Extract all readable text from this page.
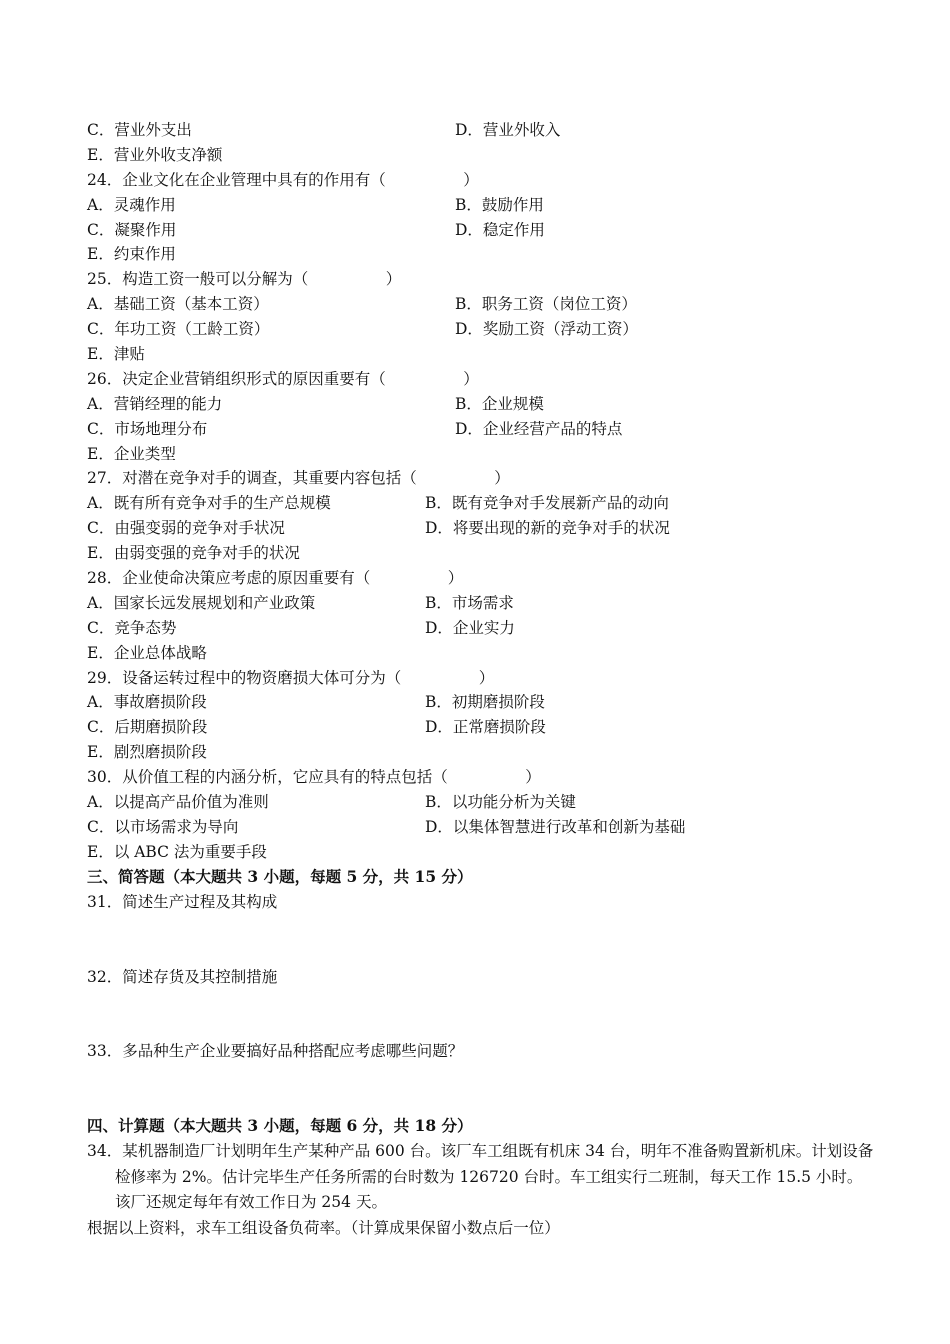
C．营业外支出	D．营业外收入
E．营业外收支净额
24．企业文化在企业管理中具有的作用有（　　　　　）
A．灵魂作用	B．鼓励作用
C．凝聚作用	D．稳定作用
E．约束作用
25．构造工资一般可以分解为（　　　　　）
A．基础工资（基本工资）	B．职务工资（岗位工资）
C．年功工资（工龄工资）	D．奖励工资（浮动工资）
E．津贴
26．决定企业营销组织形式的原因重要有（　　　　　）
A．营销经理的能力	B．企业规模
C．市场地理分布	D．企业经营产品的特点
E．企业类型
27．对潜在竞争对手的调查，其重要内容包括（　　　　　）
A．既有所有竞争对手的生产总规模	B．既有竞争对手发展新产品的动向
C．由强变弱的竞争对手状况	D．将要出现的新的竞争对手的状况
E．由弱变强的竞争对手的状况
28．企业使命决策应考虑的原因重要有（　　　　　）
A．国家长远发展规划和产业政策	B．市场需求
C．竞争态势	D．企业实力
E．企业总体战略
29．设备运转过程中的物资磨损大体可分为（　　　　　）
A．事故磨损阶段	B．初期磨损阶段
C．后期磨损阶段	D．正常磨损阶段
E．剧烈磨损阶段
30．从价值工程的内涵分析，它应具有的特点包括（　　　　　）
A．以提高产品价值为准则	B．以功能分析为关键
C．以市场需求为导向	D．以集体智慧进行改革和创新为基础
E．以 ABC 法为重要手段
三、简答题（本大题共 3 小题，每题 5 分，共 15 分）
31．简述生产过程及其构成
32．简述存货及其控制措施
33．多品种生产企业要搞好品种搭配应考虑哪些问题？
四、计算题（本大题共 3 小题，每题 6 分，共 18 分）
34．某机器制造厂计划明年生产某种产品 600 台。该厂车工组既有机床 34 台，明年不准备购置新机床。计划设备检修率为 2%。估计完毕生产任务所需的台时数为 126720 台时。车工组实行二班制，每天工作 15.5 小时。该厂还规定每年有效工作日为 254 天。
根据以上资料，求车工组设备负荷率。（计算成果保留小数点后一位）
